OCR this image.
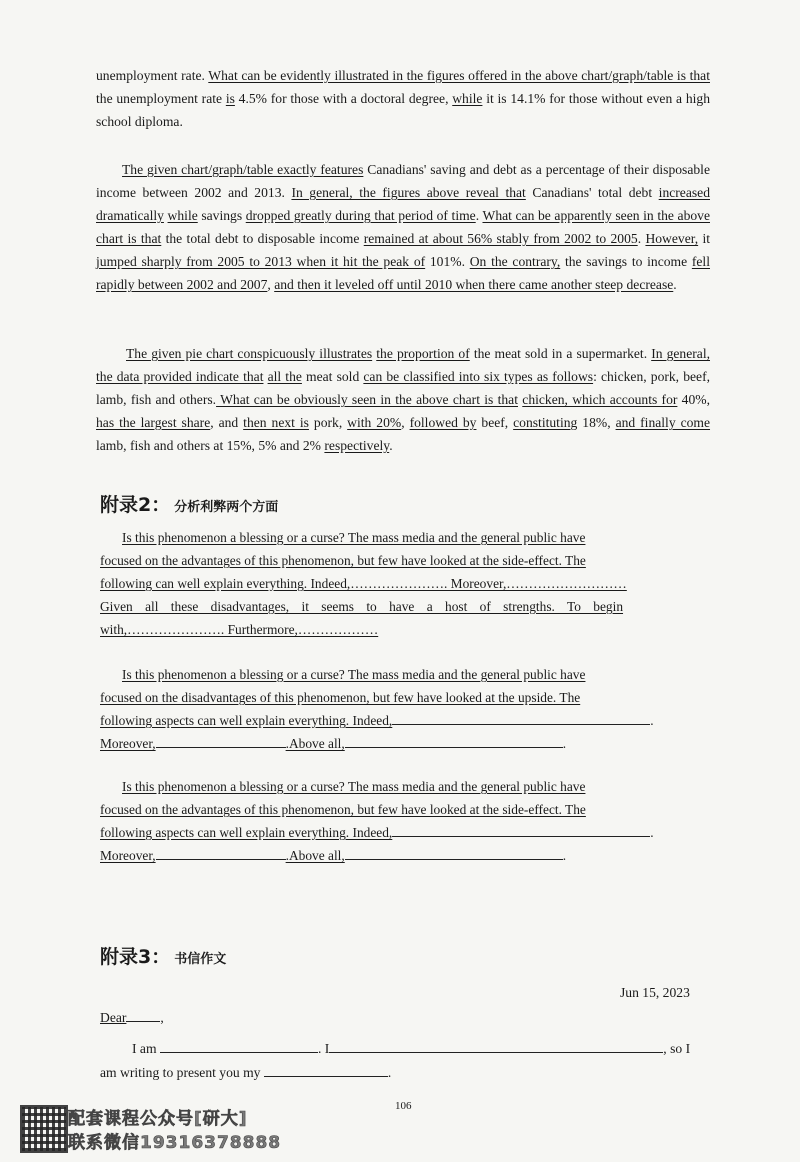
unemployment rate. What can be evidently illustrated in the figures offered in the above chart/graph/table is that the unemployment rate is 4.5% for those with a doctoral degree, while it is 14.1% for those without even a high school diploma.
The given chart/graph/table exactly features Canadians' saving and debt as a percentage of their disposable income between 2002 and 2013. In general, the figures above reveal that Canadians' total debt increased dramatically while savings dropped greatly during that period of time. What can be apparently seen in the above chart is that the total debt to disposable income remained at about 56% stably from 2002 to 2005. However, it jumped sharply from 2005 to 2013 when it hit the peak of 101%. On the contrary, the savings to income fell rapidly between 2002 and 2007, and then it leveled off until 2010 when there came another steep decrease.
The given pie chart conspicuously illustrates the proportion of the meat sold in a supermarket. In general, the data provided indicate that all the meat sold can be classified into six types as follows: chicken, pork, beef, lamb, fish and others. What can be obviously seen in the above chart is that chicken, which accounts for 40%, has the largest share, and then next is pork, with 20%, followed by beef, constituting 18%, and finally come lamb, fish and others at 15%, 5% and 2% respectively.
附录2： 分析利弊两个方面
Is this phenomenon a blessing or a curse? The mass media and the general public have
focused on the advantages of this phenomenon, but few have looked at the side-effect. The
following can well explain everything. Indeed,…………………. Moreover,………………………
Given all these disadvantages, it seems to have a host of strengths. To begin
with,…………………. Furthermore,………………
Is this phenomenon a blessing or a curse? The mass media and the general public have
focused on the disadvantages of this phenomenon, but few have looked at the upside. The
following aspects can well explain everything. Indeed,	.
Moreover,	.Above all,	.
Is this phenomenon a blessing or a curse? The mass media and the general public have
focused on the advantages of this phenomenon, but few have looked at the side-effect. The
following aspects can well explain everything. Indeed,	.
Moreover,	.Above all,	.
附录3： 书信作文
Jun 15, 2023
Dear	,
I am	. I	, so I
am writing to present you my	.
106
配套课程公众号[研大]
联系微信19316378888
